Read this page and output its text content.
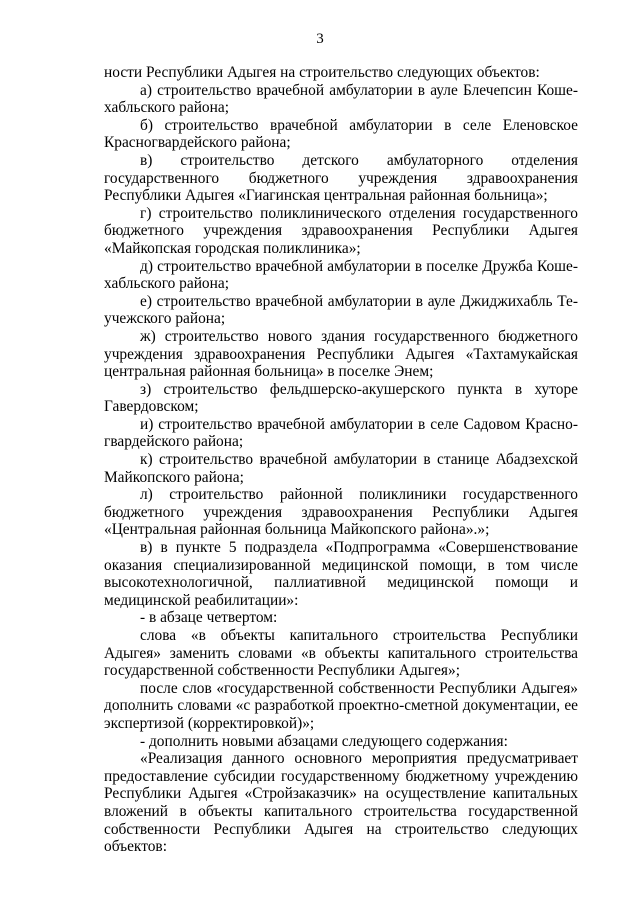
3

ности Республики Адыгея на строительство следующих объектов:

а) строительство врачебной амбулатории в ауле Блечепсин Кошехабльского района;

б) строительство врачебной амбулатории в селе Еленовское Красногвардейского района;

в) строительство детского амбулаторного отделения государственного бюджетного учреждения здравоохранения Республики Адыгея «Гиагинская центральная районная больница»;

г) строительство поликлинического отделения государственного бюджетного учреждения здравоохранения Республики Адыгея «Майкопская городская поликлиника»;

д) строительство врачебной амбулатории в поселке Дружба Кошехабльского района;

е) строительство врачебной амбулатории в ауле Джиджихабль Теучежского района;

ж) строительство нового здания государственного бюджетного учреждения здравоохранения Республики Адыгея «Тахтамукайская центральная районная больница» в поселке Энем;

з) строительство фельдшерско-акушерского пункта в хуторе Гавердовском;

и) строительство врачебной амбулатории в селе Садовом Красногвардейского района;

к) строительство врачебной амбулатории в станице Абадзехской Майкопского района;

л) строительство районной поликлиники государственного бюджетного учреждения здравоохранения Республики Адыгея «Центральная районная больница Майкопского района».»;

в) в пункте 5 подраздела «Подпрограмма «Совершенствование оказания специализированной медицинской помощи, в том числе высокотехнологичной, паллиативной медицинской помощи и медицинской реабилитации»:

- в абзаце четвертом:

слова «в объекты капитального строительства Республики Адыгея» заменить словами «в объекты капитального строительства государственной собственности Республики Адыгея»;

после слов «государственной собственности Республики Адыгея» дополнить словами «с разработкой проектно-сметной документации, ее экспертизой (корректировкой)»;

- дополнить новыми абзацами следующего содержания:

«Реализация данного основного мероприятия предусматривает предоставление субсидии государственному бюджетному учреждению Республики Адыгея «Стройзаказчик» на осуществление капитальных вложений в объекты капитального строительства государственной собственности Республики Адыгея на строительство следующих объектов:
